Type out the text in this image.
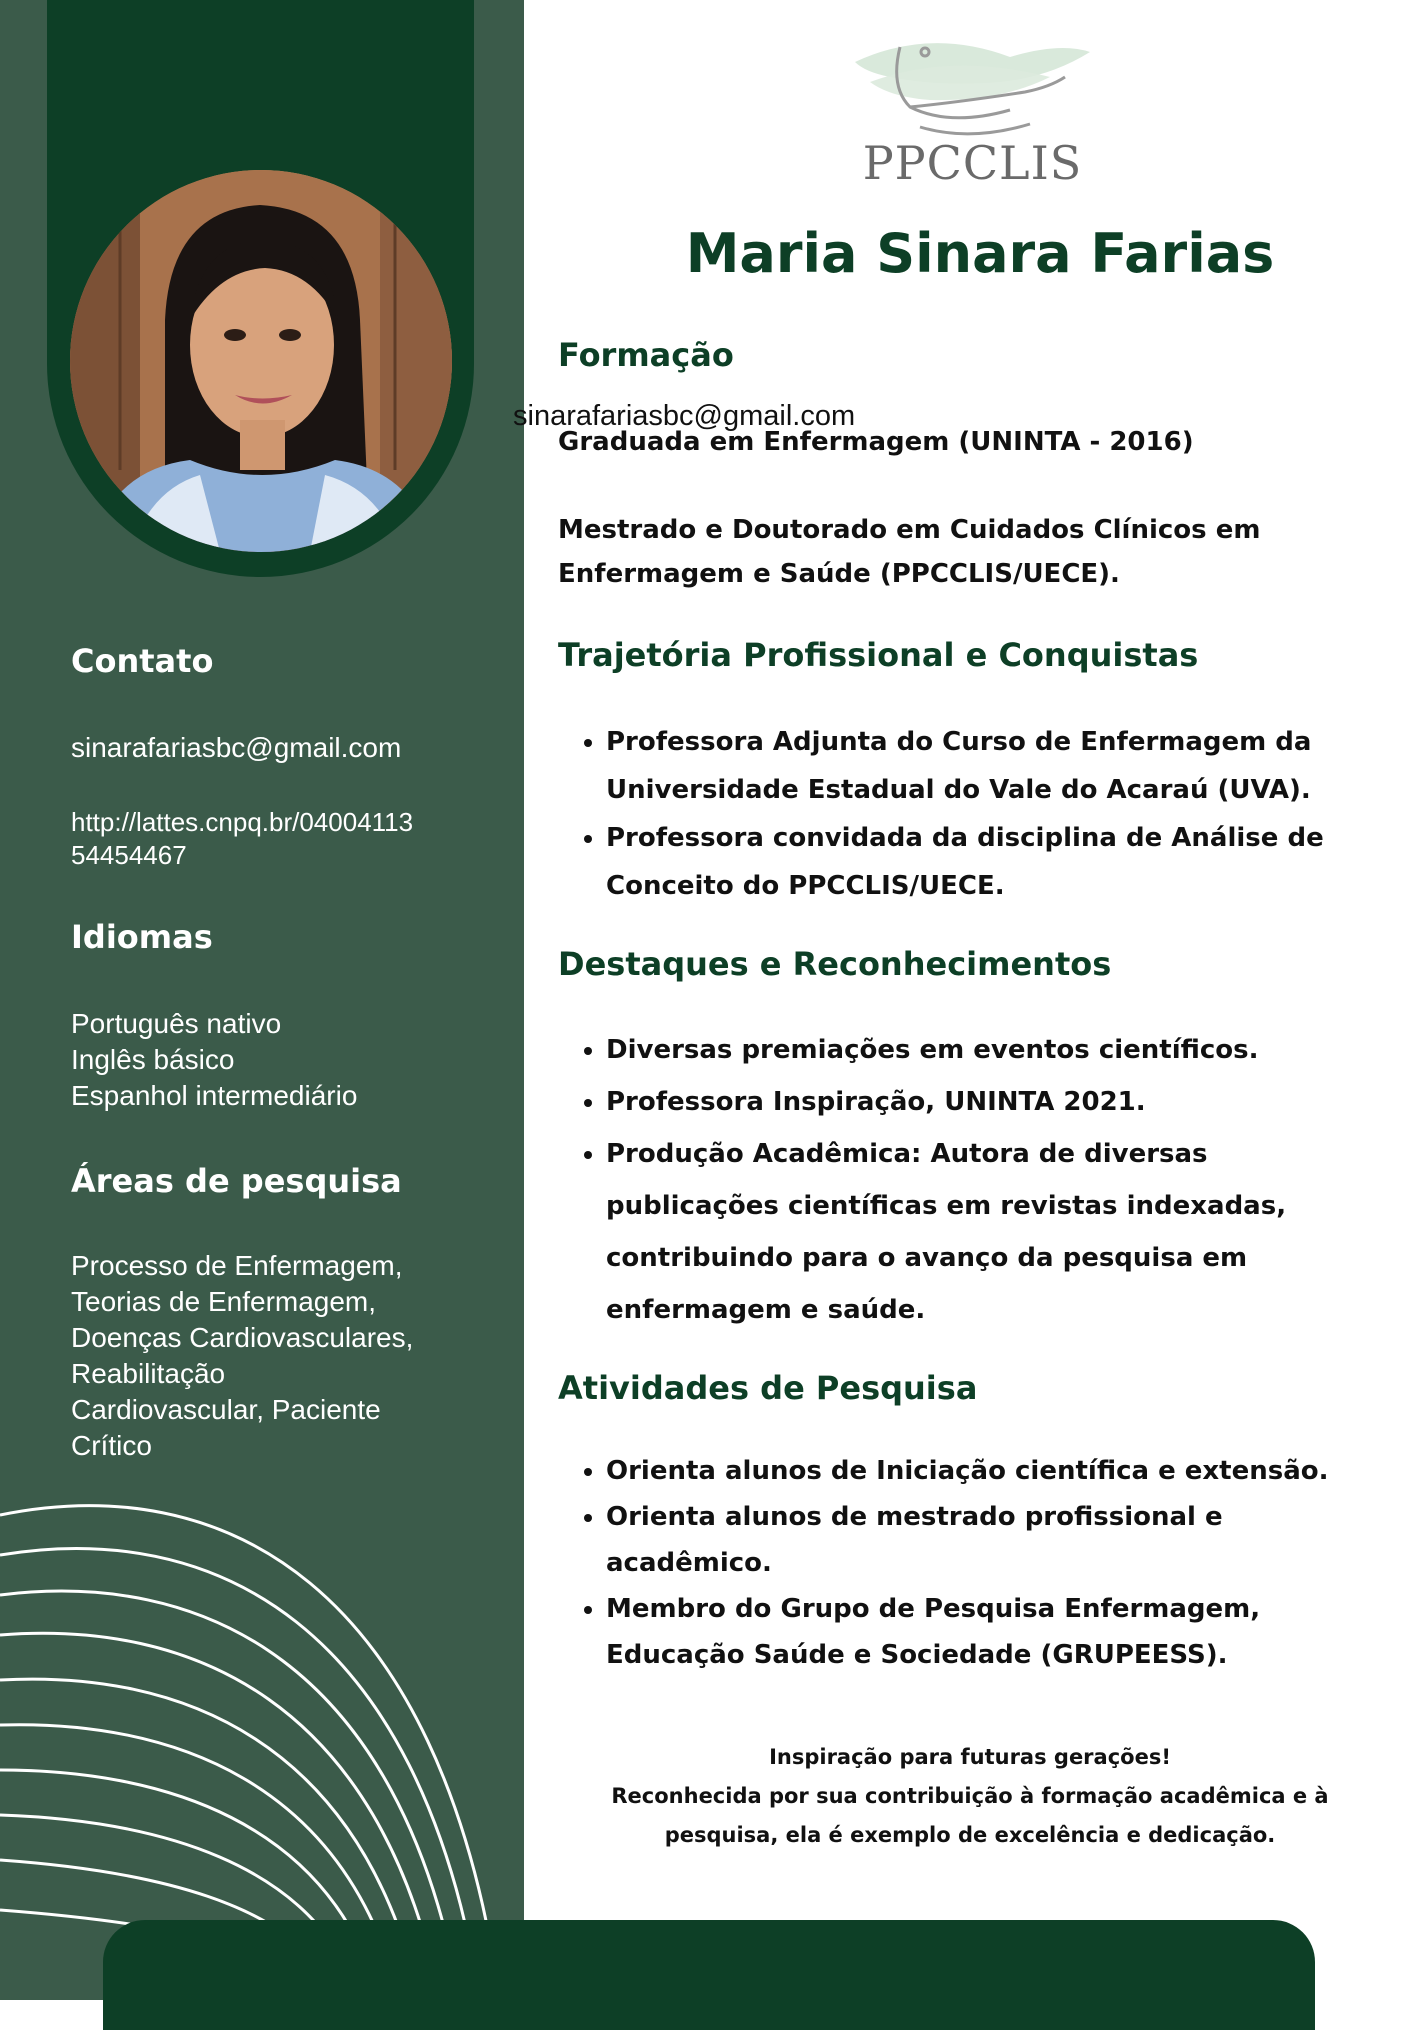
Contato
sinarafariasbc@gmail.com
http://lattes.cnpq.br/04004113
54454467
Idiomas
Português nativo
Inglês básico
Espanhol intermediário
Áreas de pesquisa
Processo de Enfermagem,
Teorias de Enfermagem,
Doenças Cardiovasculares,
Reabilitação
Cardiovascular, Paciente
Crítico
PPCCLIS
Maria Sinara Farias
Formação
sinarafariasbc@gmail.com

Graduada em Enfermagem (UNINTA - 2016)

Mestrado e Doutorado em Cuidados Clínicos em
Enfermagem e Saúde (PPCCLIS/UECE).

Trajetória Profissional e Conquistas
• Professora Adjunta do Curso de Enfermagem da
Universidade Estadual do Vale do Acaraú (UVA).
• Professora convidada da disciplina de Análise de
Conceito do PPCCLIS/UECE.
Destaques e Reconhecimentos
• Diversas premiações em eventos científicos.
• Professora Inspiração, UNINTA 2021.
• Produção Acadêmica: Autora de diversas
publicações científicas em revistas indexadas,
contribuindo para o avanço da pesquisa em
enfermagem e saúde.
Atividades de Pesquisa
• Orienta alunos de Iniciação científica e extensão.
• Orienta alunos de mestrado profissional e
acadêmico.
• Membro do Grupo de Pesquisa Enfermagem,
Educação Saúde e Sociedade (GRUPEESS).
Inspiração para futuras gerações!
Reconhecida por sua contribuição à formação acadêmica e à
pesquisa, ela é exemplo de excelência e dedicação.
